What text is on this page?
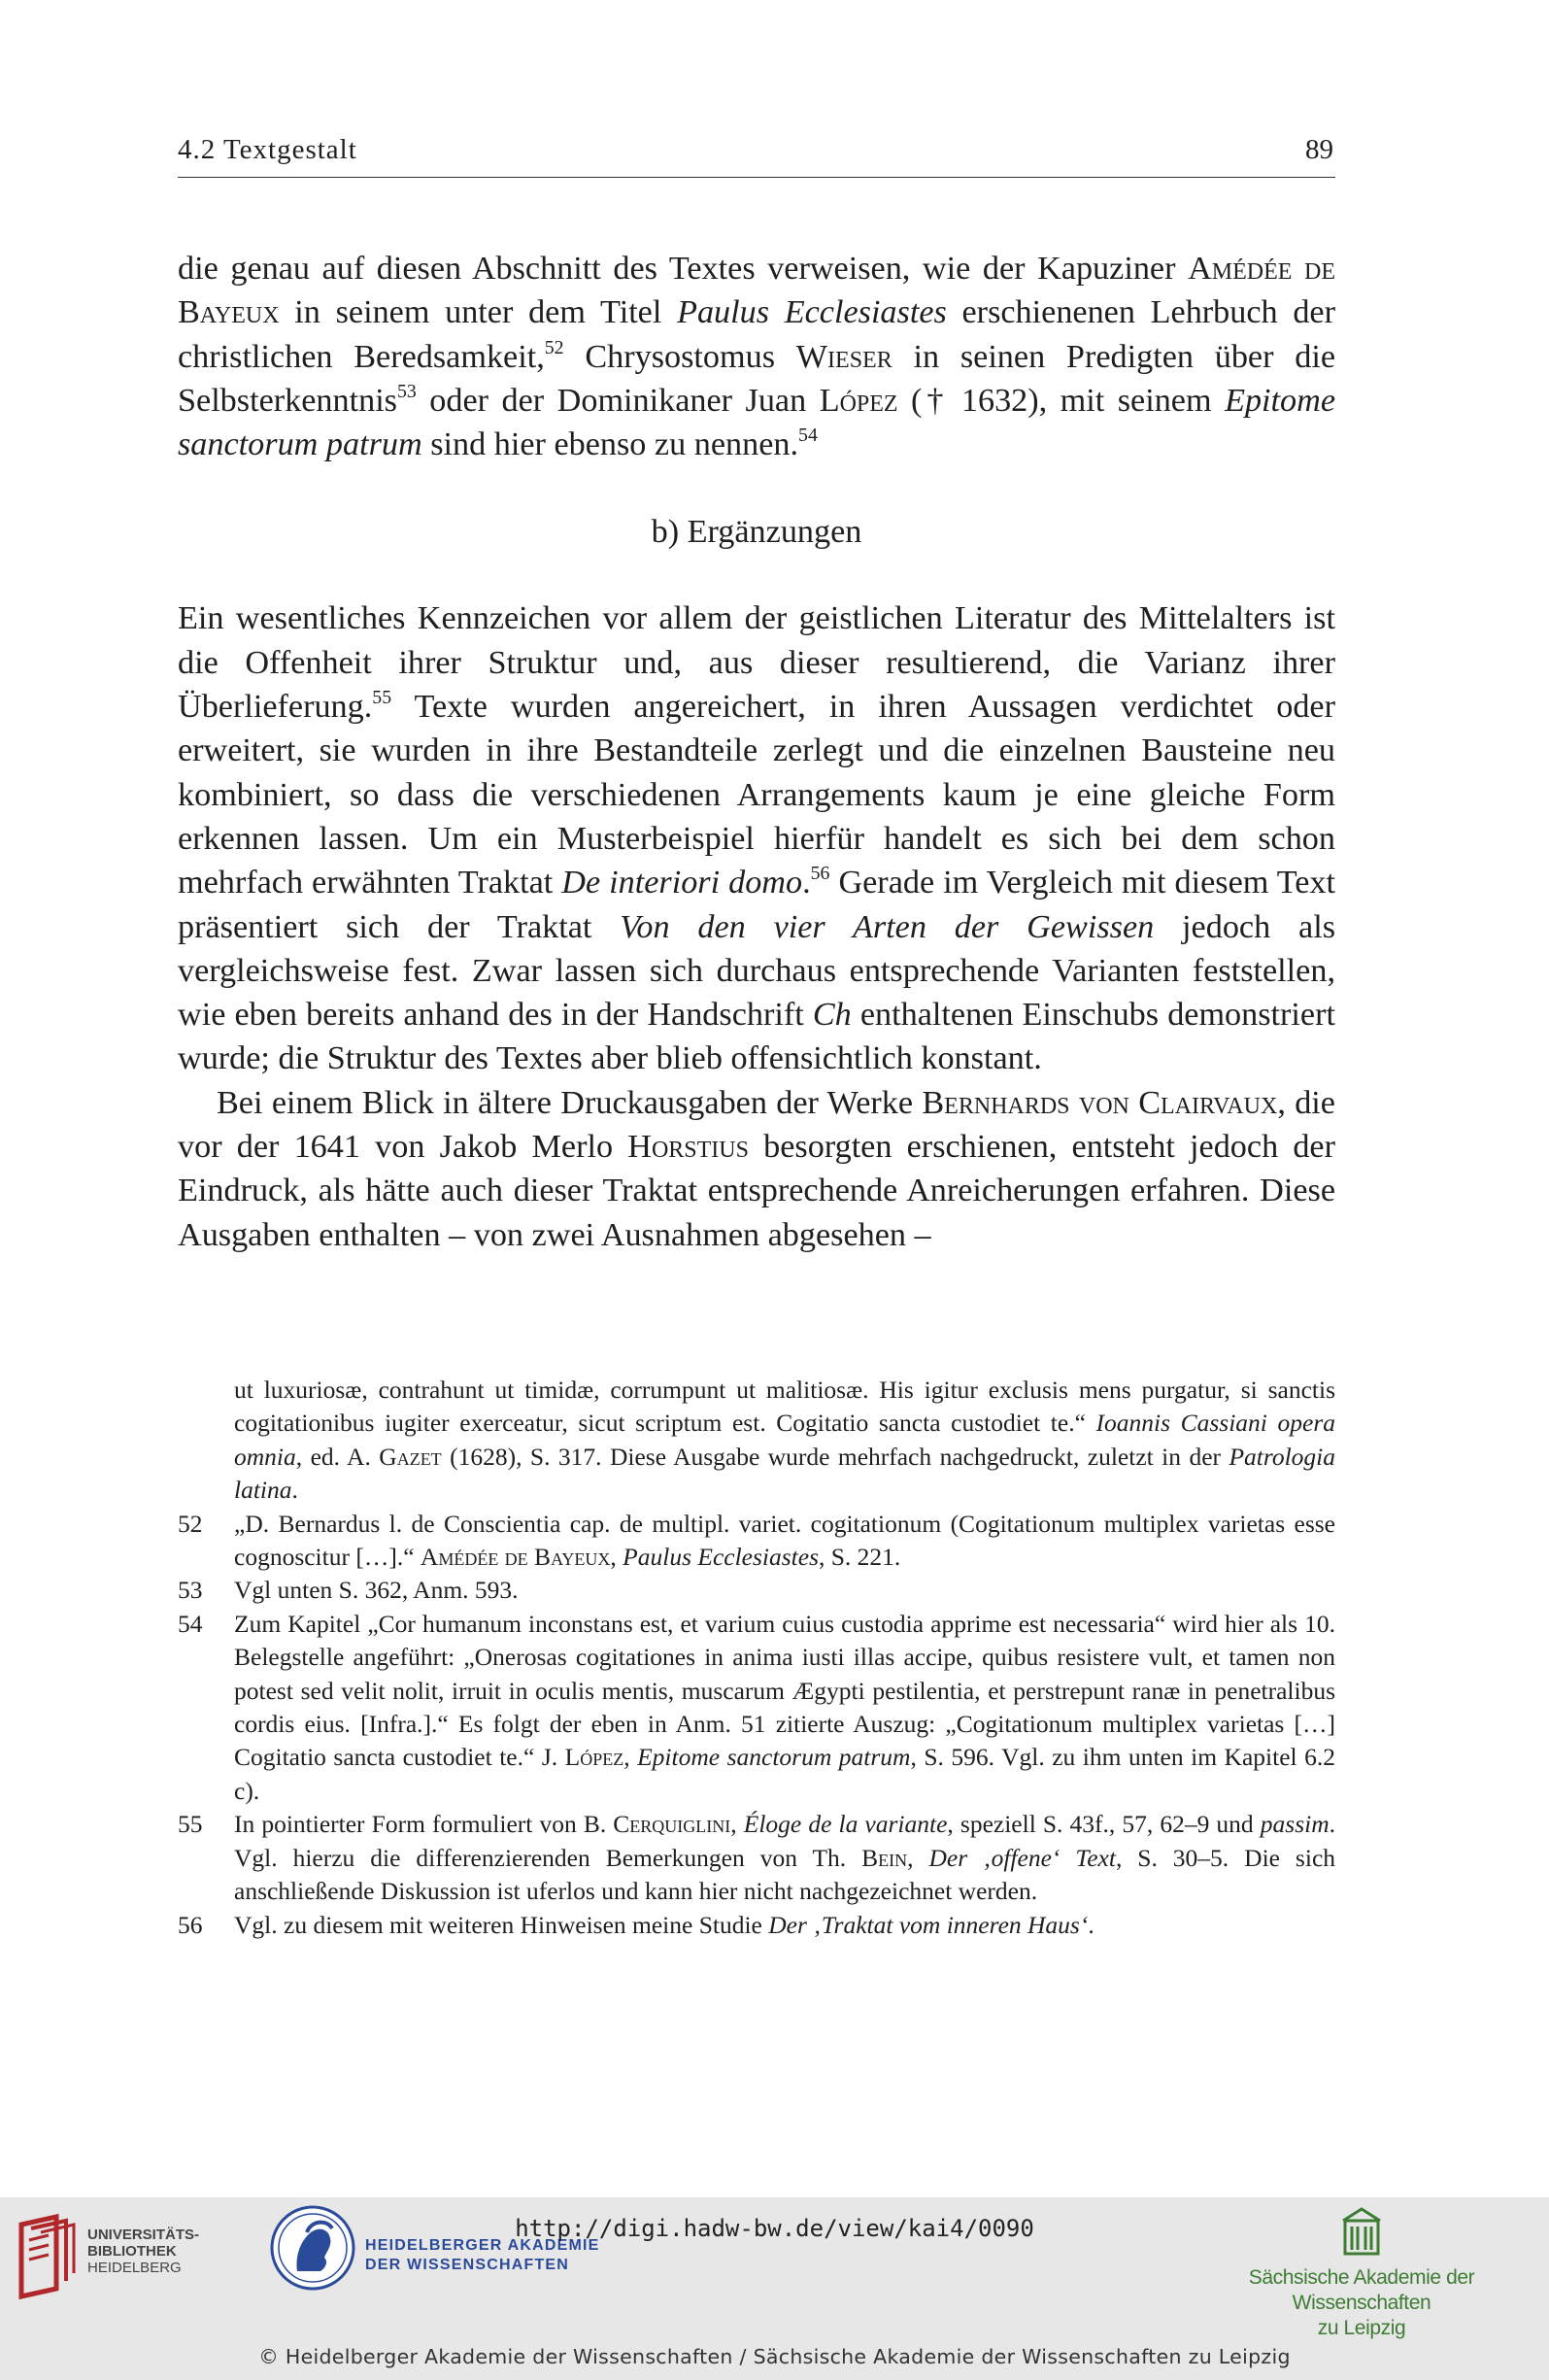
4.2 Textgestalt	89

die genau auf diesen Abschnitt des Textes verweisen, wie der Kapuziner Amédée de Bayeux in seinem unter dem Titel Paulus Ecclesiastes erschienenen Lehrbuch der christlichen Beredsamkeit,$^{52}$ Chrysostomus Wieser in seinen Predigten über die Selbsterkenntnis$^{53}$ oder der Dominikaner Juan López († 1632), mit seinem Epitome sanctorum patrum sind hier ebenso zu nennen.$^{54}$

b) Ergänzungen

Ein wesentliches Kennzeichen vor allem der geistlichen Literatur des Mittelalters ist die Offenheit ihrer Struktur und, aus dieser resultierend, die Varianz ihrer Überlieferung.$^{55}$ Texte wurden angereichert, in ihren Aussagen verdichtet oder erweitert, sie wurden in ihre Bestandteile zerlegt und die einzelnen Bausteine neu kombiniert, so dass die verschiedenen Arrangements kaum je eine gleiche Form erkennen lassen. Um ein Musterbeispiel hierfür handelt es sich bei dem schon mehrfach erwähnten Traktat De interiori domo.$^{56}$ Gerade im Vergleich mit diesem Text präsentiert sich der Traktat Von den vier Arten der Gewissen jedoch als vergleichsweise fest. Zwar lassen sich durchaus entsprechende Varianten feststellen, wie eben bereits anhand des in der Handschrift Ch enthaltenen Einschubs demonstriert wurde; die Struktur des Textes aber blieb offensichtlich konstant.

Bei einem Blick in ältere Druckausgaben der Werke Bernhards von Clairvaux, die vor der 1641 von Jakob Merlo Horstius besorgten erschienen, entsteht jedoch der Eindruck, als hätte auch dieser Traktat entsprechende Anreicherungen erfahren. Diese Ausgaben enthalten – von zwei Ausnahmen abgesehen –

ut luxuriosæ, contrahunt ut timidæ, corrumpunt ut malitiosæ. His igitur exclusis mens purgatur, si sanctis cogitationibus iugiter exerceatur, sicut scriptum est. Cogitatio sancta custodiet te.“ Ioannis Cassiani opera omnia, ed. A. Gazet (1628), S. 317. Diese Ausgabe wurde mehrfach nachgedruckt, zuletzt in der Patrologia latina.
52 „D. Bernardus l. de Conscientia cap. de multipl. variet. cogitationum (Cogitationum multiplex varietas esse cognoscitur […].“ Amédée de Bayeux, Paulus Ecclesiastes, S. 221.
53 Vgl unten S. 362, Anm. 593.
54 Zum Kapitel „Cor humanum inconstans est, et varium cuius custodia apprime est necessaria“ wird hier als 10. Belegstelle angeführt: „Onerosas cogitationes in anima iusti illas accipe, quibus resistere vult, et tamen non potest sed velit nolit, irruit in oculis mentis, muscarum Ægypti pestilentia, et perstrepunt ranæ in penetralibus cordis eius. [Infra.].“ Es folgt der eben in Anm. 51 zitierte Auszug: „Cogitationum multiplex varietas […] Cogitatio sancta custodiet te.“ J. López, Epitome sanctorum patrum, S. 596. Vgl. zu ihm unten im Kapitel 6.2 c).
55 In pointierter Form formuliert von B. Cerquiglini, Éloge de la variante, speziell S. 43f., 57, 62–9 und passim. Vgl. hierzu die differenzierenden Bemerkungen von Th. Bein, Der ‚offene‘ Text, S. 30–5. Die sich anschließende Diskussion ist uferlos und kann hier nicht nachgezeichnet werden.
56 Vgl. zu diesem mit weiteren Hinweisen meine Studie Der ‚Traktat vom inneren Haus‘.
UNIVERSITÄTS-
BIBLIOTHEK
HEIDELBERG
HEIDELBERGER AKADEMIE
DER WISSENSCHAFTEN
Sächsische Akademie der Wissenschaften
zu Leipzig
http://digi.hadw-bw.de/view/kai4/0090
© Heidelberger Akademie der Wissenschaften / Sächsische Akademie der Wissenschaften zu Leipzig
